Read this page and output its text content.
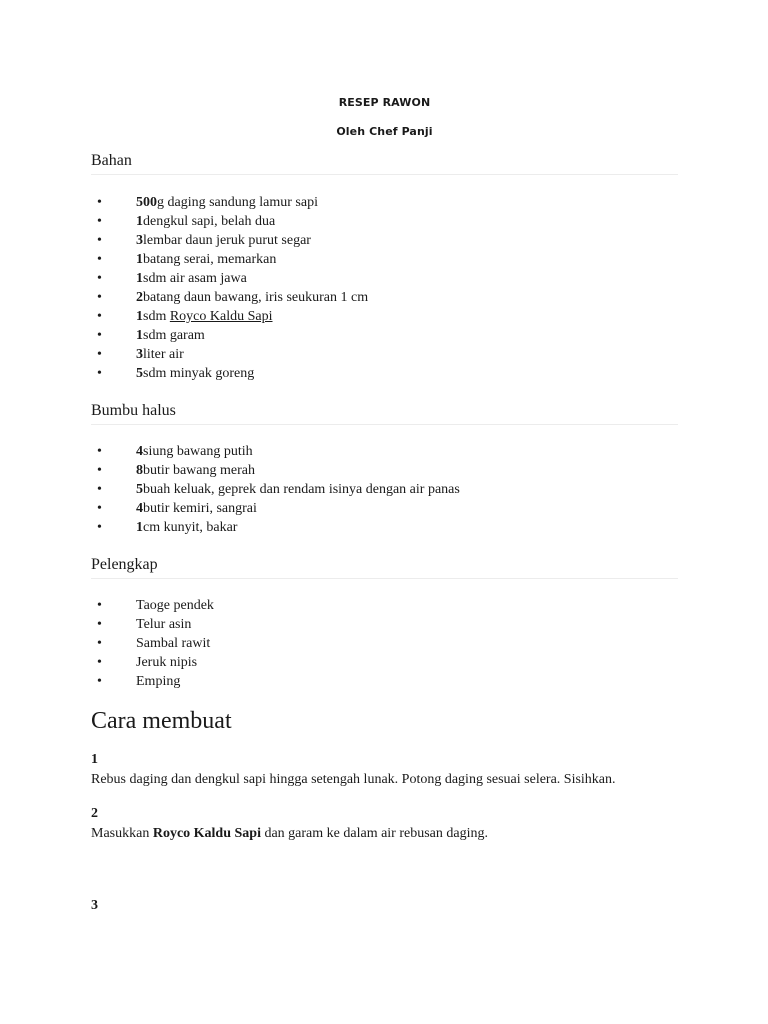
RESEP RAWON
Oleh Chef Panji
Bahan
• 500g daging sandung lamur sapi
• 1dengkul sapi, belah dua
• 3lembar daun jeruk purut segar
• 1batang serai, memarkan
• 1sdm air asam jawa
• 2batang daun bawang, iris seukuran 1 cm
• 1sdm Royco Kaldu Sapi
• 1sdm garam
• 3liter air
• 5sdm minyak goreng
Bumbu halus
• 4siung bawang putih
• 8butir bawang merah
• 5buah keluak, geprek dan rendam isinya dengan air panas
• 4butir kemiri, sangrai
• 1cm kunyit, bakar
Pelengkap
• Taoge pendek
• Telur asin
• Sambal rawit
• Jeruk nipis
• Emping
Cara membuat
1
Rebus daging dan dengkul sapi hingga setengah lunak. Potong daging sesuai selera. Sisihkan.
2
Masukkan Royco Kaldu Sapi dan garam ke dalam air rebusan daging.
3
